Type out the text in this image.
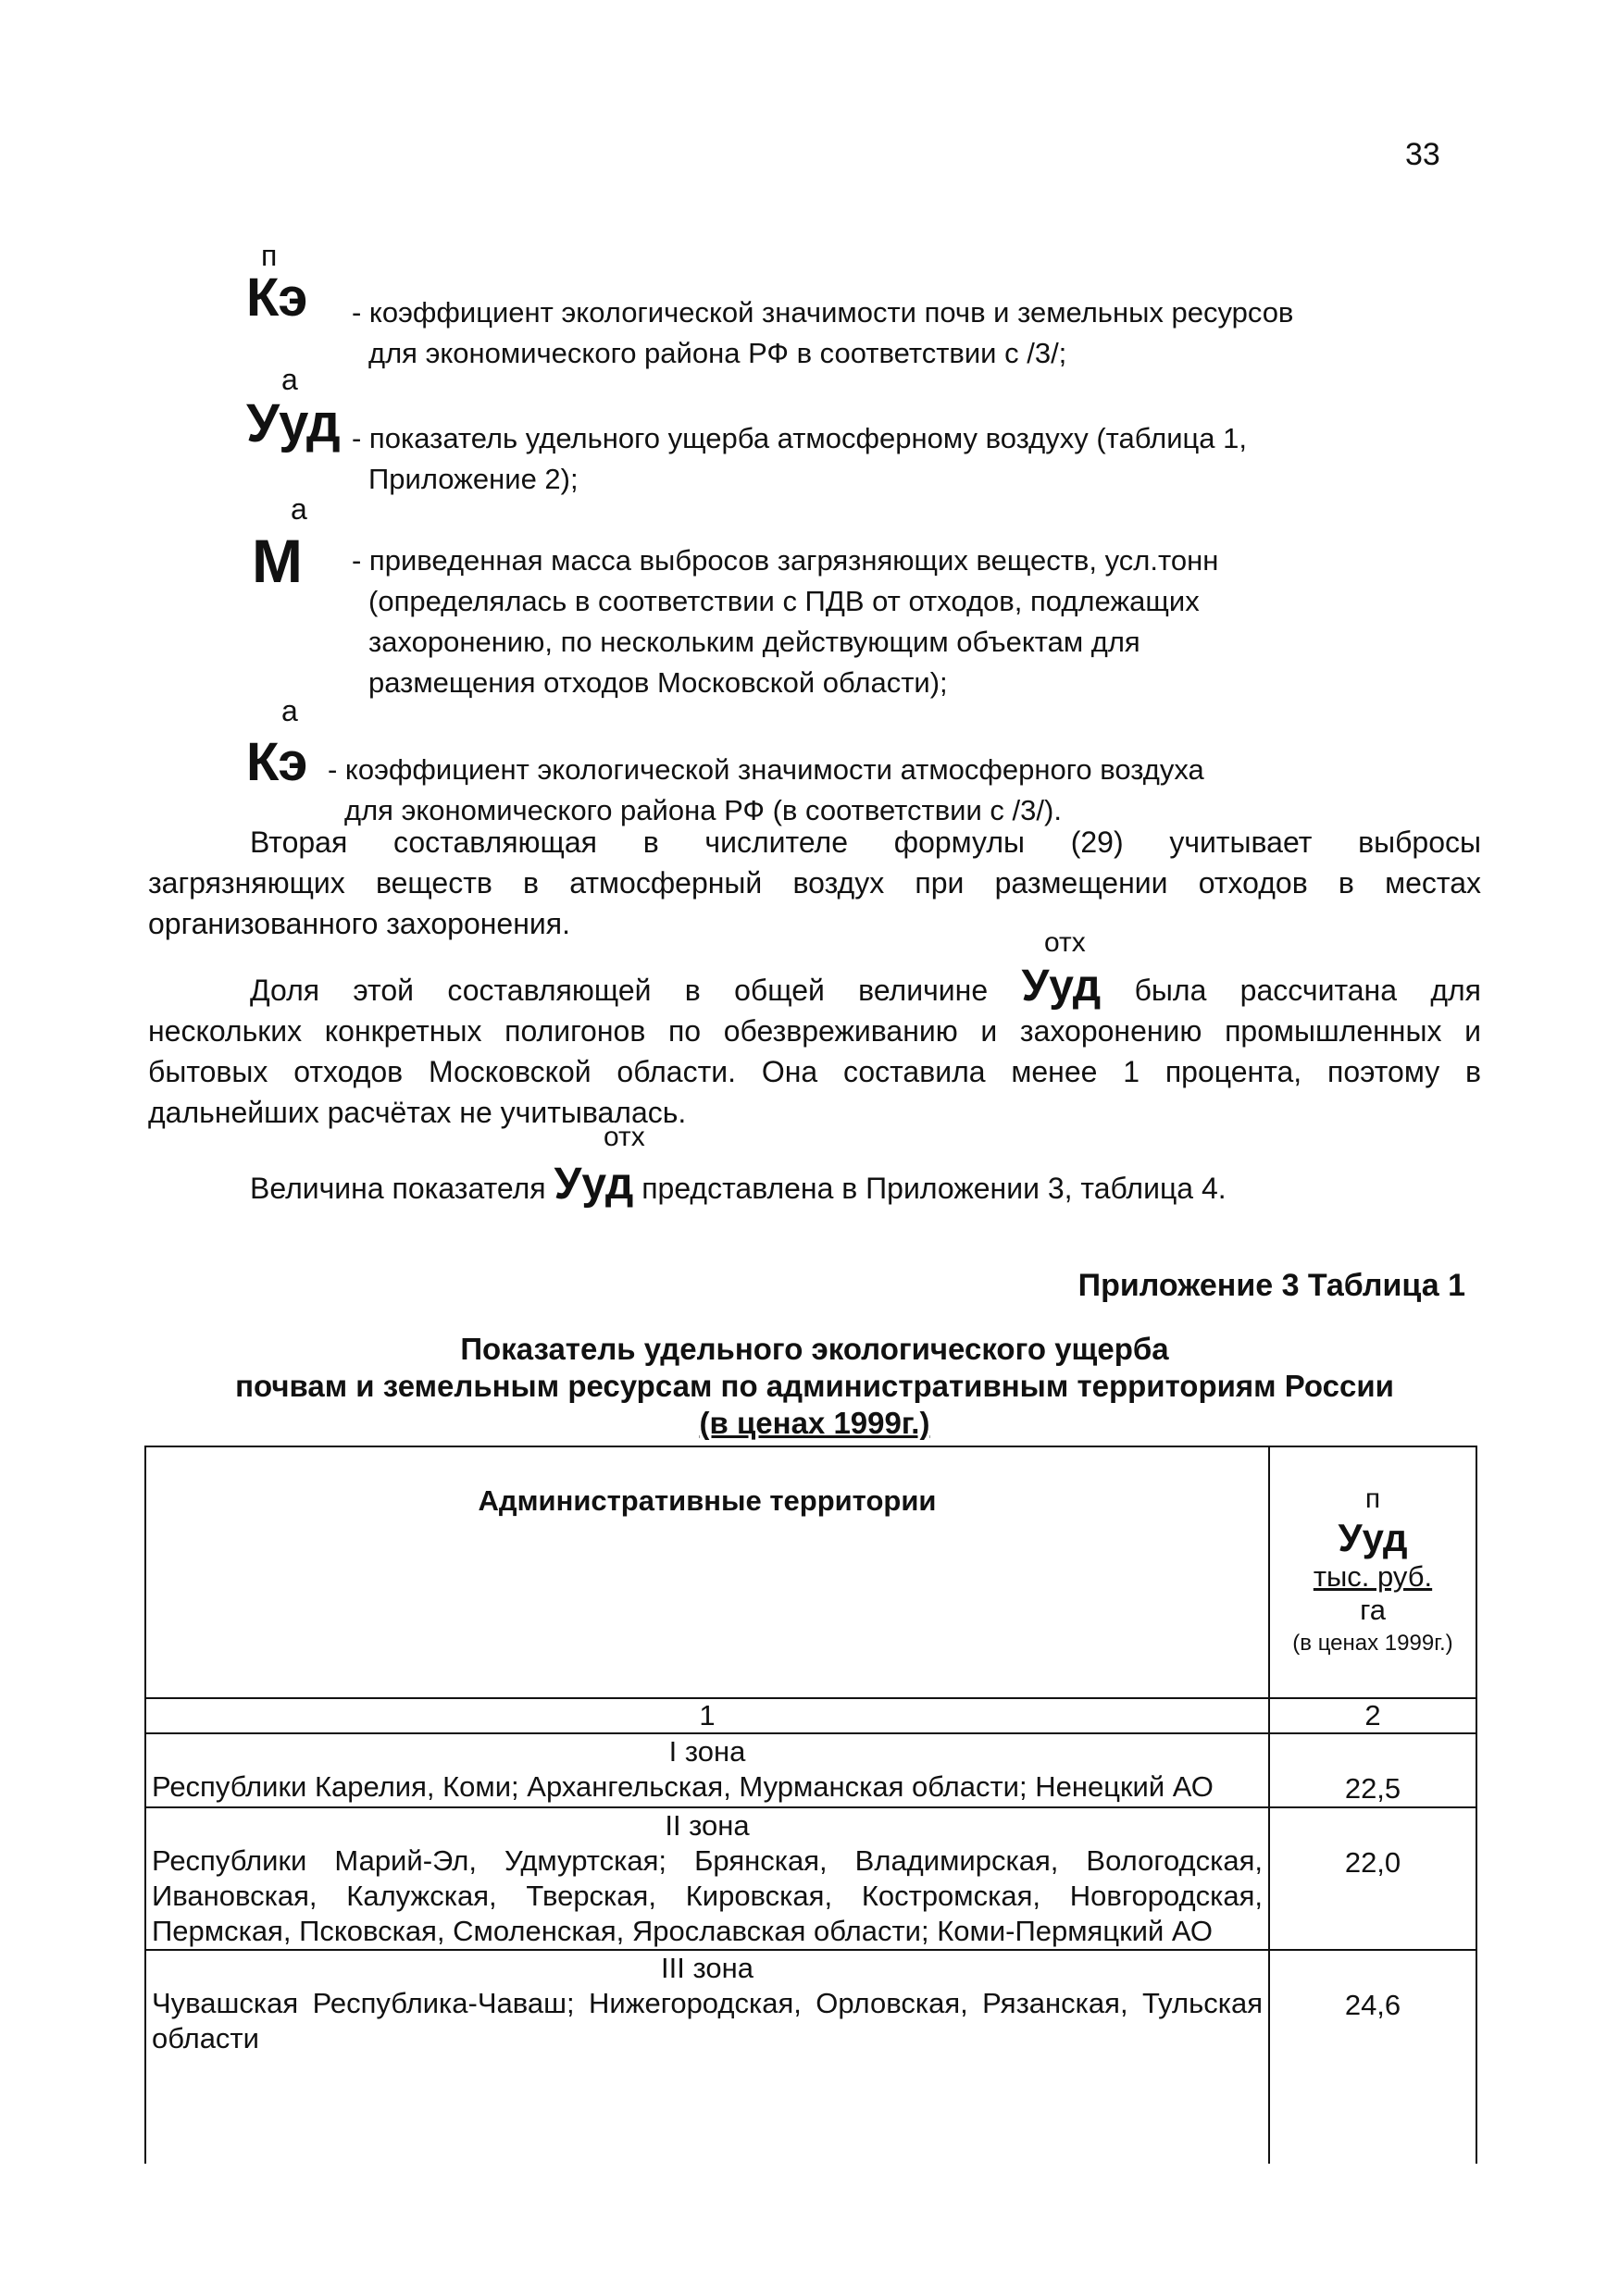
33
п
Кэ - коэффициент экологической значимости почв и земельных ресурсов
для экономического района РФ в соответствии с /3/;
а
Ууд - показатель удельного ущерба атмосферному воздуху (таблица 1,
Приложение 2);
а
М - приведенная масса выбросов загрязняющих веществ, усл.тонн
(определялась в соответствии с ПДВ от отходов, подлежащих
захоронению, по нескольким действующим объектам для
размещения отходов Московской области);
а
Кэ - коэффициент экологической значимости атмосферного воздуха
для экономического района РФ (в соответствии с /3/).
Вторая составляющая в числителе формулы (29) учитывает выбросы
загрязняющих веществ в атмосферный воздух при размещении отходов в местах
организованного захоронения.
отх
Доля этой составляющей в общей величине Ууд была рассчитана для
нескольких конкретных полигонов по обезвреживанию и захоронению промышленных и
бытовых отходов Московской области. Она составила менее 1 процента, поэтому в
дальнейших расчётах не учитывалась.
отх
Величина показателя Ууд представлена в Приложении 3, таблица 4.
Приложение 3 Таблица 1
Показатель удельного экологического ущерба
почвам и земельным ресурсам по административным территориям России
(в ценах 1999г.)
Административные территории	п
Ууд
тыс. руб.
га
(в ценах 1999г.)

1	2

I зона
Республики Карелия, Коми; Архангельская, Мурманская области; Ненецкий АО	22,5

II зона
Республики Марий-Эл, Удмуртская; Брянская, Владимирская, Вологодская, Ивановская, Калужская, Тверская, Кировская, Костромская, Новгородская, Пермская, Псковская, Смоленская, Ярославская области; Коми-Пермяцкий АО	22,0

III зона
Чувашская Республика-Чаваш; Нижегородская, Орловская, Рязанская, Тульская области	24,6
